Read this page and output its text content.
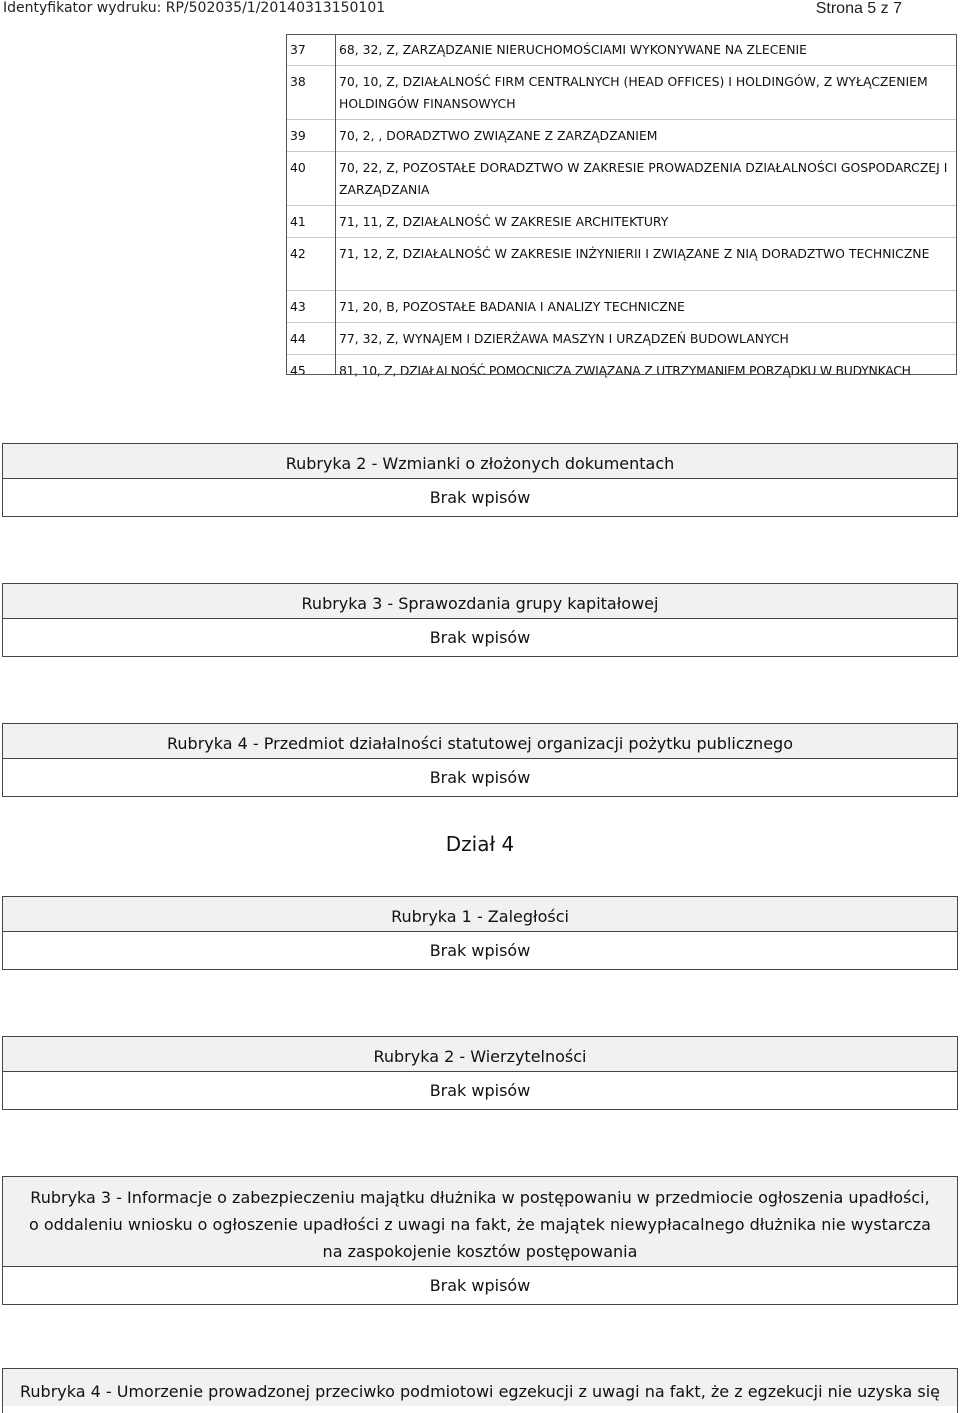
Identyfikator wydruku: RP/502035/1/20140313150101	Strona 5 z 7
37	68, 32, Z, ZARZĄDZANIE NIERUCHOMOŚCIAMI WYKONYWANE NA ZLECENIE
38	70, 10, Z, DZIAŁALNOŚĆ FIRM CENTRALNYCH (HEAD OFFICES) I HOLDINGÓW, Z WYŁĄCZENIEM HOLDINGÓW FINANSOWYCH
39	70, 2, , DORADZTWO ZWIĄZANE Z ZARZĄDZANIEM
40	70, 22, Z, POZOSTAŁE DORADZTWO W ZAKRESIE PROWADZENIA DZIAŁALNOŚCI GOSPODARCZEJ I ZARZĄDZANIA
41	71, 11, Z, DZIAŁALNOŚĆ W ZAKRESIE ARCHITEKTURY
42	71, 12, Z, DZIAŁALNOŚĆ W ZAKRESIE INŻYNIERII I ZWIĄZANE Z NIĄ DORADZTWO TECHNICZNE
43	71, 20, B, POZOSTAŁE BADANIA I ANALIZY TECHNICZNE
44	77, 32, Z, WYNAJEM I DZIERŻAWA MASZYN I URZĄDZEŃ BUDOWLANYCH
45	81, 10, Z, DZIAŁALNOŚĆ POMOCNICZA ZWIĄZANA Z UTRZYMANIEM PORZĄDKU W BUDYNKACH
Rubryka 2 - Wzmianki o złożonych dokumentach
Brak wpisów
Rubryka 3 - Sprawozdania grupy kapitałowej
Brak wpisów
Rubryka 4 - Przedmiot działalności statutowej organizacji pożytku publicznego
Brak wpisów
Dział 4
Rubryka 1 - Zaległości
Brak wpisów
Rubryka 2 - Wierzytelności
Brak wpisów
Rubryka 3 - Informacje o zabezpieczeniu majątku dłużnika w postępowaniu w przedmiocie ogłoszenia upadłości, o oddaleniu wniosku o ogłoszenie upadłości z uwagi na fakt, że majątek niewypłacalnego dłużnika nie wystarcza na zaspokojenie kosztów postępowania
Brak wpisów
Rubryka 4 - Umorzenie prowadzonej przeciwko podmiotowi egzekucji z uwagi na fakt, że z egzekucji nie uzyska się
